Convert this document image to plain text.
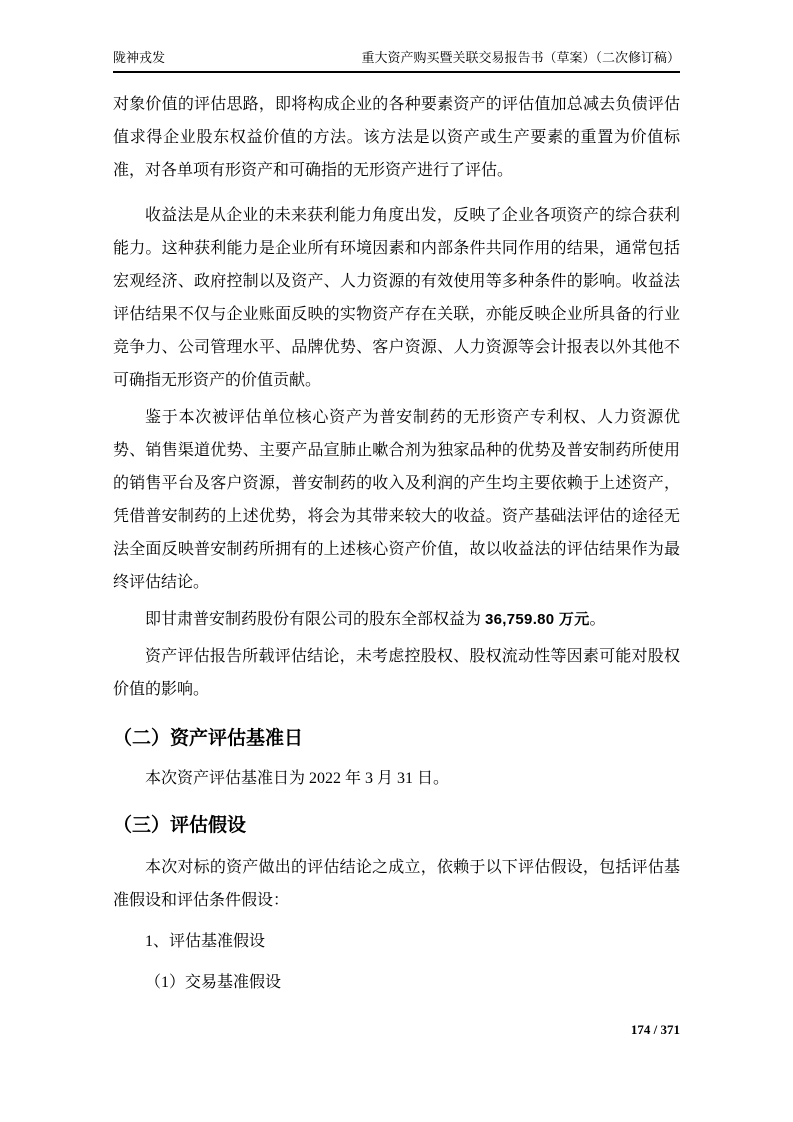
陇神戎发	重大资产购买暨关联交易报告书（草案）（二次修订稿）

对象价值的评估思路，即将构成企业的各种要素资产的评估值加总减去负债评估值求得企业股东权益价值的方法。该方法是以资产或生产要素的重置为价值标准，对各单项有形资产和可确指的无形资产进行了评估。

收益法是从企业的未来获利能力角度出发，反映了企业各项资产的综合获利能力。这种获利能力是企业所有环境因素和内部条件共同作用的结果，通常包括宏观经济、政府控制以及资产、人力资源的有效使用等多种条件的影响。收益法评估结果不仅与企业账面反映的实物资产存在关联，亦能反映企业所具备的行业竞争力、公司管理水平、品牌优势、客户资源、人力资源等会计报表以外其他不可确指无形资产的价值贡献。

鉴于本次被评估单位核心资产为普安制药的无形资产专利权、人力资源优势、销售渠道优势、主要产品宣肺止嗽合剂为独家品种的优势及普安制药所使用的销售平台及客户资源，普安制药的收入及利润的产生均主要依赖于上述资产，凭借普安制药的上述优势，将会为其带来较大的收益。资产基础法评估的途径无法全面反映普安制药所拥有的上述核心资产价值，故以收益法的评估结果作为最终评估结论。

即甘肃普安制药股份有限公司的股东全部权益为 36,759.80 万元。

资产评估报告所载评估结论，未考虑控股权、股权流动性等因素可能对股权价值的影响。

（二）资产评估基准日

本次资产评估基准日为 2022 年 3 月 31 日。

（三）评估假设

本次对标的资产做出的评估结论之成立，依赖于以下评估假设，包括评估基准假设和评估条件假设：

1、评估基准假设

（1）交易基准假设

174 / 371
